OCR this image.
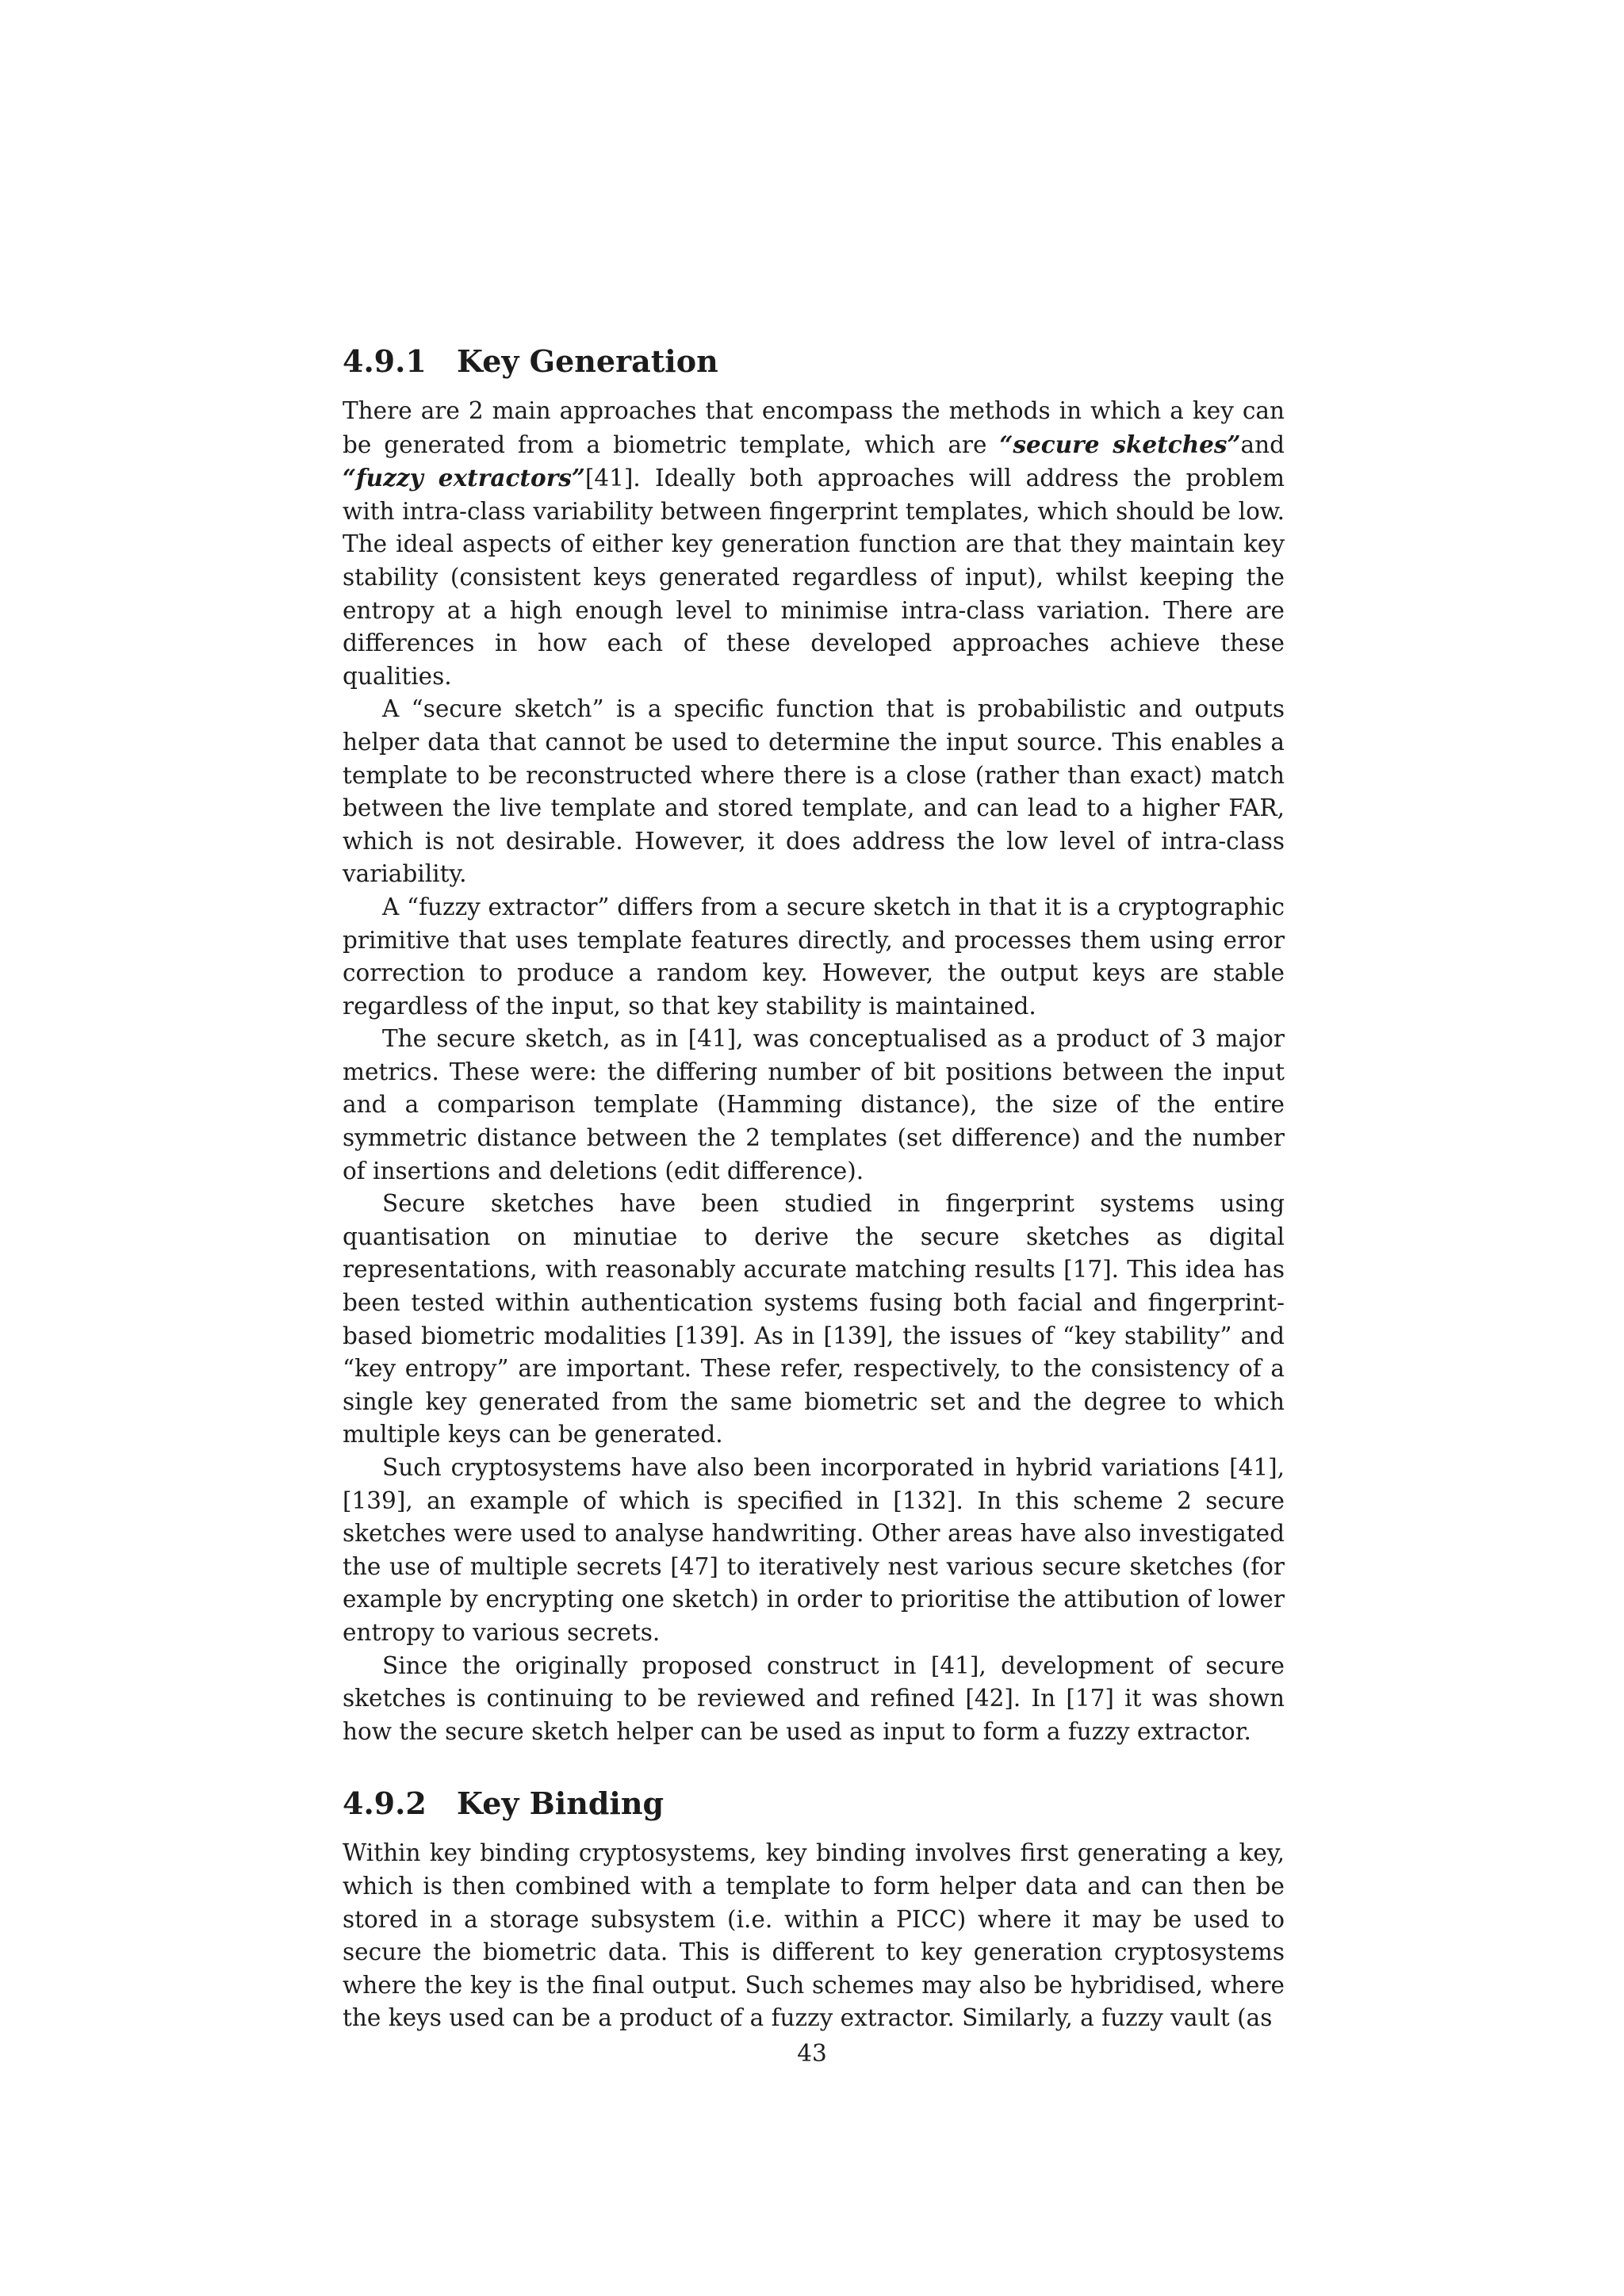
4.9.1 Key Generation

There are 2 main approaches that encompass the methods in which a key can be generated from a biometric template, which are “secure sketches”and “fuzzy extractors”[41]. Ideally both approaches will address the problem with intra-class variability between fingerprint templates, which should be low. The ideal aspects of either key generation function are that they maintain key stability (consistent keys generated regardless of input), whilst keeping the entropy at a high enough level to minimise intra-class variation. There are differences in how each of these developed approaches achieve these qualities.

A “secure sketch” is a specific function that is probabilistic and outputs helper data that cannot be used to determine the input source. This enables a template to be reconstructed where there is a close (rather than exact) match between the live template and stored template, and can lead to a higher FAR, which is not desirable. However, it does address the low level of intra-class variability.

A “fuzzy extractor” differs from a secure sketch in that it is a cryptographic primitive that uses template features directly, and processes them using error correction to produce a random key. However, the output keys are stable regardless of the input, so that key stability is maintained.

The secure sketch, as in [41], was conceptualised as a product of 3 major metrics. These were: the differing number of bit positions between the input and a comparison template (Hamming distance), the size of the entire symmetric distance between the 2 templates (set difference) and the number of insertions and deletions (edit difference).

Secure sketches have been studied in fingerprint systems using quantisation on minutiae to derive the secure sketches as digital representations, with reasonably accurate matching results [17]. This idea has been tested within authentication systems fusing both facial and fingerprint-based biometric modalities [139]. As in [139], the issues of “key stability” and “key entropy” are important. These refer, respectively, to the consistency of a single key generated from the same biometric set and the degree to which multiple keys can be generated.

Such cryptosystems have also been incorporated in hybrid variations [41], [139], an example of which is specified in [132]. In this scheme 2 secure sketches were used to analyse handwriting. Other areas have also investigated the use of multiple secrets [47] to iteratively nest various secure sketches (for example by encrypting one sketch) in order to prioritise the attibution of lower entropy to various secrets.

Since the originally proposed construct in [41], development of secure sketches is continuing to be reviewed and refined [42]. In [17] it was shown how the secure sketch helper can be used as input to form a fuzzy extractor.

4.9.2 Key Binding

Within key binding cryptosystems, key binding involves first generating a key, which is then combined with a template to form helper data and can then be stored in a storage subsystem (i.e. within a PICC) where it may be used to secure the biometric data. This is different to key generation cryptosystems where the key is the final output. Such schemes may also be hybridised, where the keys used can be a product of a fuzzy extractor. Similarly, a fuzzy vault (as

43
